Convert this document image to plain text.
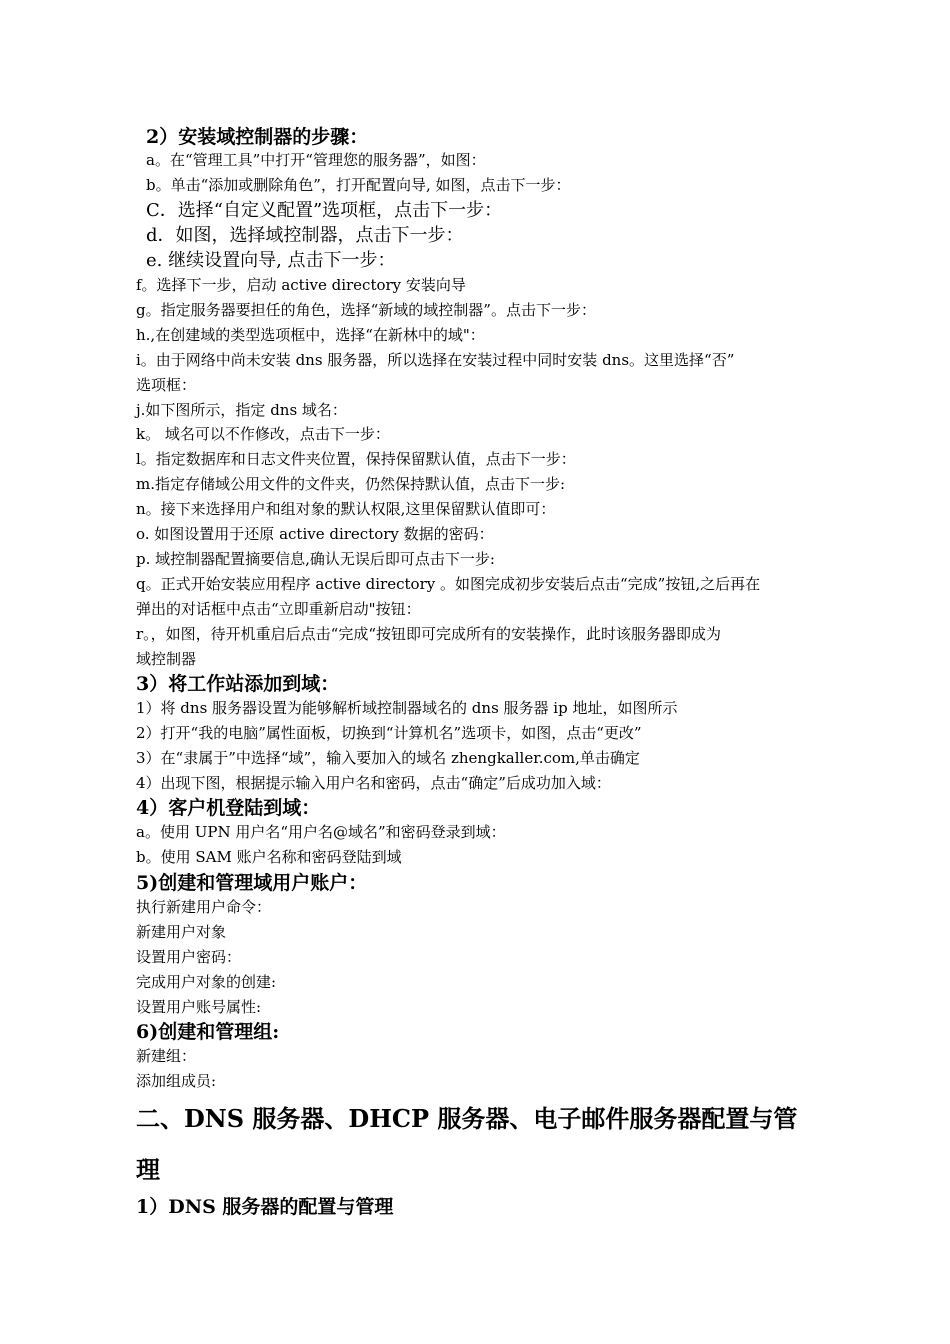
2）安装域控制器的步骤：
a。在“管理工具”中打开“管理您的服务器”，如图：
b。单击“添加或删除角色”，打开配置向导, 如图，点击下一步：
C．选择“自定义配置”选项框，点击下一步：
d．如图，选择域控制器，点击下一步：
e. 继续设置向导, 点击下一步：
f。选择下一步，启动 active directory 安装向导
g。指定服务器要担任的角色，选择“新域的域控制器”。点击下一步：
h.,在创建域的类型选项框中，选择“在新林中的域"：
i。由于网络中尚未安装 dns 服务器，所以选择在安装过程中同时安装 dns。这里选择“否”
选项框：
j.如下图所示，指定 dns 域名：
k。 域名可以不作修改，点击下一步：
l。指定数据库和日志文件夹位置，保持保留默认值，点击下一步：
m.指定存储域公用文件的文件夹，仍然保持默认值，点击下一步:
n。接下来选择用户和组对象的默认权限,这里保留默认值即可：
o. 如图设置用于还原 active directory 数据的密码：
p. 域控制器配置摘要信息,确认无误后即可点击下一步:
q。正式开始安装应用程序 active directory 。如图完成初步安装后点击“完成”按钮,之后再在
弹出的对话框中点击“立即重新启动"按钮：
r。，如图，待开机重启后点击“完成“按钮即可完成所有的安装操作，此时该服务器即成为
域控制器
3）将工作站添加到域：
1）将 dns 服务器设置为能够解析域控制器域名的 dns 服务器 ip 地址，如图所示
2）打开“我的电脑”属性面板，切换到“计算机名”选项卡，如图，点击“更改”
3）在“隶属于”中选择“域”，输入要加入的域名 zhengkaller.com,单击确定
4）出现下图，根据提示输入用户名和密码，点击“确定”后成功加入域：
4）客户机登陆到域：
a。使用 UPN 用户名“用户名@域名”和密码登录到域：
b。使用 SAM 账户名称和密码登陆到域
5)创建和管理域用户账户：
执行新建用户命令：
新建用户对象
设置用户密码：
完成用户对象的创建:
设置用户账号属性:
6)创建和管理组:
新建组：
添加组成员:
二、DNS 服务器、DHCP 服务器、电子邮件服务器配置与管
理
1）DNS 服务器的配置与管理
